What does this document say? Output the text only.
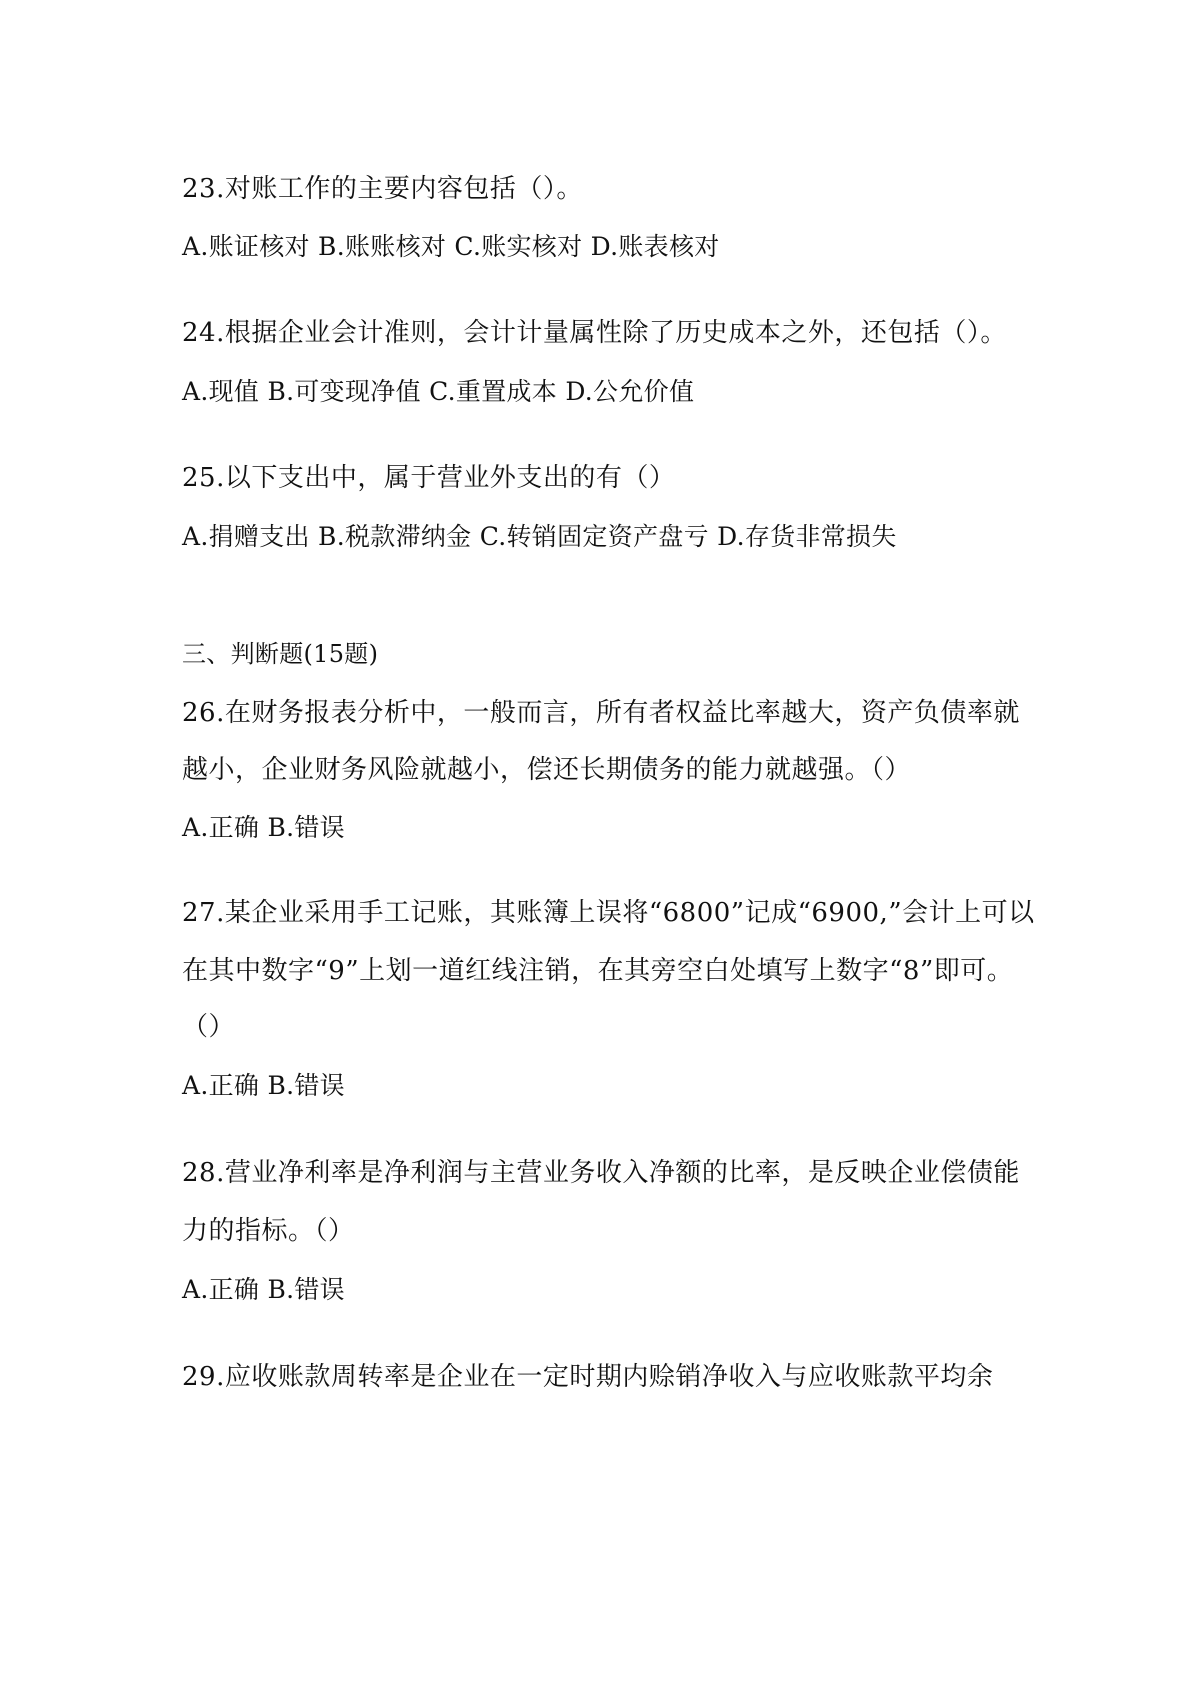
23.对账工作的主要内容包括（）。

A.账证核对 B.账账核对 C.账实核对 D.账表核对

24.根据企业会计准则，会计计量属性除了历史成本之外，还包括（）。

A.现值 B.可变现净值 C.重置成本 D.公允价值

25.以下支出中，属于营业外支出的有（）

A.捐赠支出 B.税款滞纳金 C.转销固定资产盘亏 D.存货非常损失

三、判断题(15题)

26.在财务报表分析中，一般而言，所有者权益比率越大，资产负债率就

越小，企业财务风险就越小，偿还长期债务的能力就越强。（）

A.正确 B.错误

27.某企业采用手工记账，其账簿上误将“6800”记成“6900,”会计上可以

在其中数字“9”上划一道红线注销，在其旁空白处填写上数字“8”即可。

（）

A.正确 B.错误

28.营业净利率是净利润与主营业务收入净额的比率，是反映企业偿债能

力的指标。（）

A.正确 B.错误

29.应收账款周转率是企业在一定时期内赊销净收入与应收账款平均余
